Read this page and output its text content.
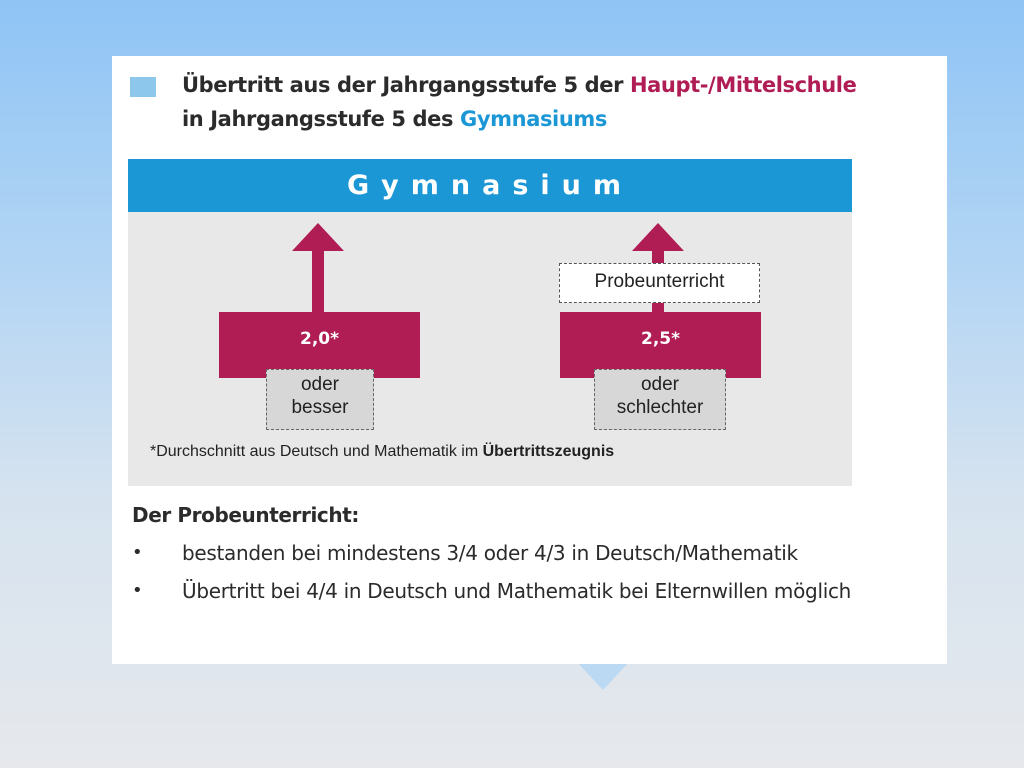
Übertritt aus der Jahrgangsstufe 5 der Haupt-/Mittelschule
in Jahrgangsstufe 5 des Gymnasiums
Gymnasium
2,0*
oder
besser
Probeunterricht
2,5*
oder
schlechter
*Durchschnitt aus Deutsch und Mathematik im Übertrittszeugnis
Der Probeunterricht:
• bestanden bei mindestens 3/4 oder 4/3 in Deutsch/Mathematik
• Übertritt bei 4/4 in Deutsch und Mathematik bei Elternwillen möglich
